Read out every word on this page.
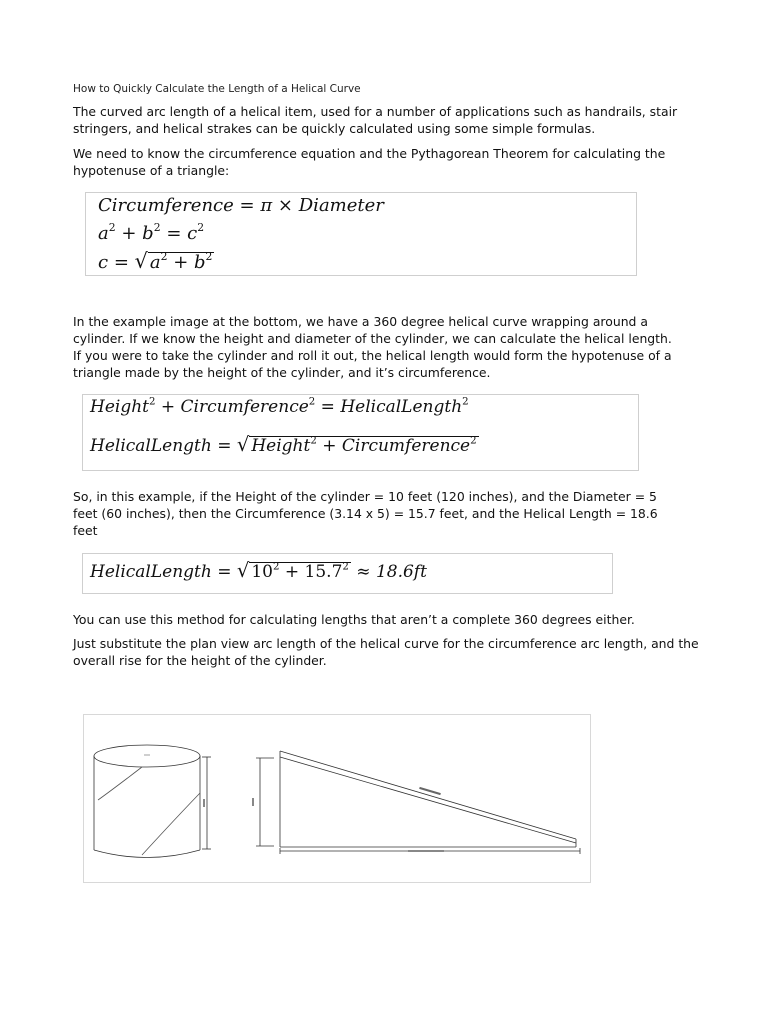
How to Quickly Calculate the Length of a Helical Curve

The curved arc length of a helical item, used for a number of applications such as handrails, stair stringers, and helical strakes can be quickly calculated using some simple formulas.

We need to know the circumference equation and the Pythagorean Theorem for calculating the hypotenuse of a triangle:

Circumference = π × Diameter
$a^2 + b^2 = c^2$
c = √ $a^2 + b^2$

In the example image at the bottom, we have a 360 degree helical curve wrapping around a cylinder. If we know the height and diameter of the cylinder, we can calculate the helical length.
If you were to take the cylinder and roll it out, the helical length would form the hypotenuse of a triangle made by the height of the cylinder, and it’s circumference.

Height$^2$ + Circumference$^2$ = HelicalLength$^2$
HelicalLength = √ Height$^2$ + Circumference$^2$

So, in this example, if the Height of the cylinder = 10 feet (120 inches), and the Diameter = 5 feet (60 inches), then the Circumference (3.14 x 5) = 15.7 feet, and the Helical Length = 18.6 feet

HelicalLength = √ $10^2 + 15.7^2 \approx 18.6ft$

You can use this method for calculating lengths that aren’t a complete 360 degrees either.

Just substitute the plan view arc length of the helical curve for the circumference arc length, and the overall rise for the height of the cylinder.
